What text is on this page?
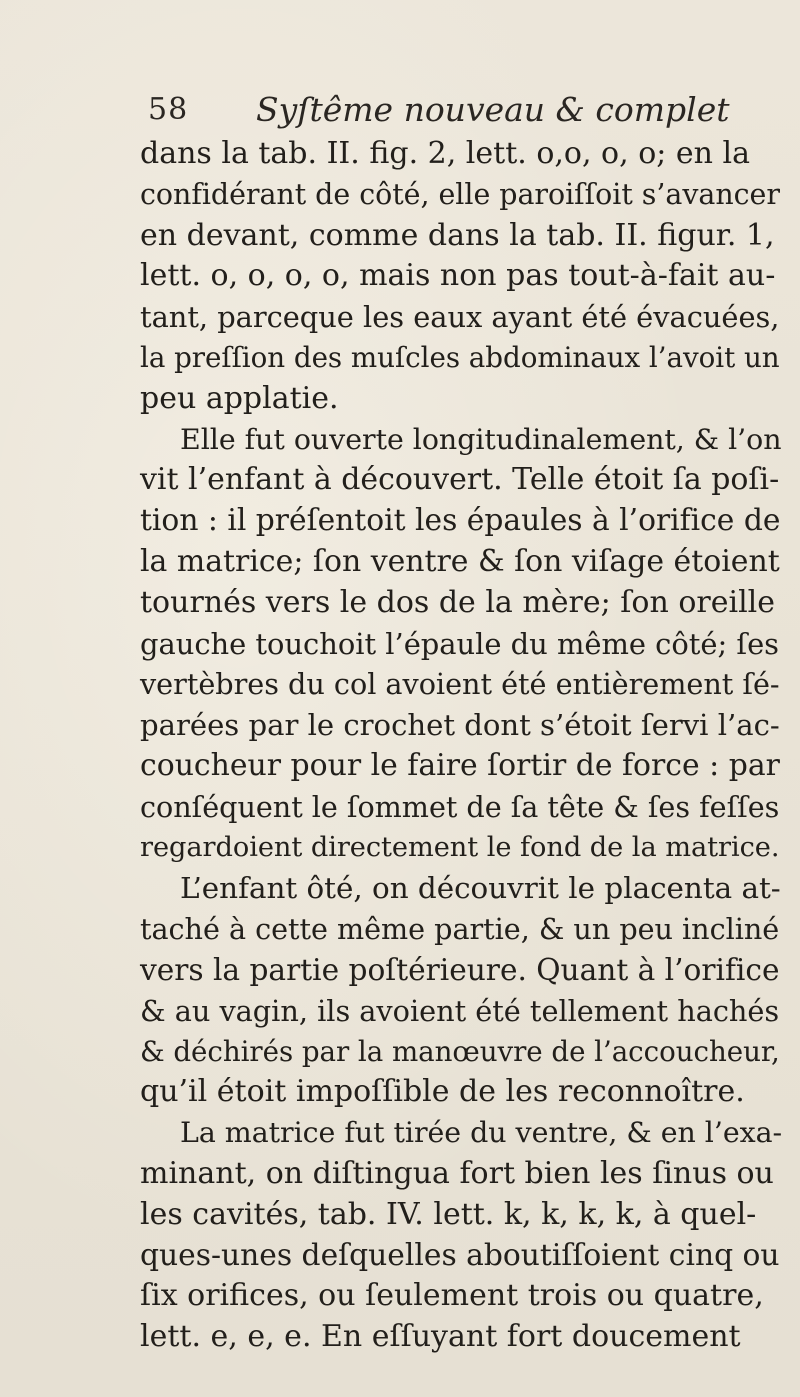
58 Syſtême nouveau & complet
dans la tab. II. fig. 2, lett. o,o, o, o; en la
confidérant de côté, elle paroiſſoit s’avancer
en devant, comme dans la tab. II. figur. 1,
lett. o, o, o, o, mais non pas tout-à-fait au-
tant, parceque les eaux ayant été évacuées,
la preſſion des muſcles abdominaux l’avoit un
peu applatie.
Elle fut ouverte longitudinalement, & l’on
vit l’enfant à découvert. Telle étoit ſa poſi-
tion : il préſentoit les épaules à l’orifice de
la matrice; ſon ventre & ſon viſage étoient
tournés vers le dos de la mère; ſon oreille
gauche touchoit l’épaule du même côté; ſes
vertèbres du col avoient été entièrement ſé-
parées par le crochet dont s’étoit ſervi l’ac-
coucheur pour le faire ſortir de force : par
conſéquent le ſommet de ſa tête & ſes feſſes
regardoient directement le fond de la matrice.
L’enfant ôté, on découvrit le placenta at-
taché à cette même partie, & un peu incliné
vers la partie poſtérieure. Quant à l’orifice
& au vagin, ils avoient été tellement hachés
& déchirés par la manœuvre de l’accoucheur,
qu’il étoit impoſſible de les reconnoître.
La matrice fut tirée du ventre, & en l’exa-
minant, on diſtingua fort bien les ſinus ou
les cavités, tab. IV. lett. k, k, k, k, à quel-
ques-unes deſquelles aboutiſſoient cinq ou
ſix orifices, ou ſeulement trois ou quatre,
lett. e, e, e. En eſſuyant fort doucement
